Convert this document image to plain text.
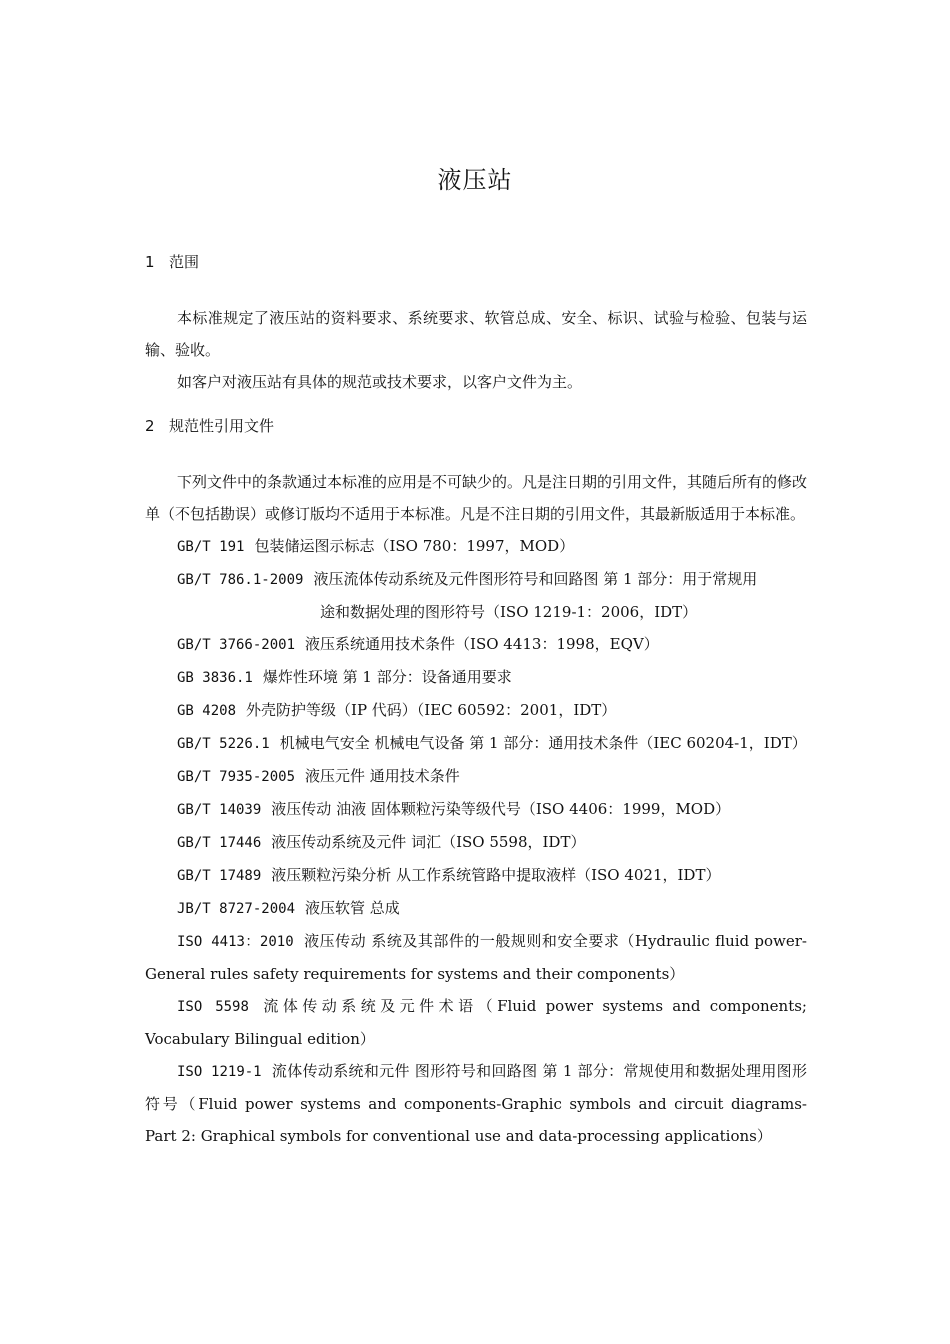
液压站
1 范围

本标准规定了液压站的资料要求、系统要求、软管总成、安全、标识、试验与检验、包装与运输、验收。

如客户对液压站有具体的规范或技术要求，以客户文件为主。

2 规范性引用文件

下列文件中的条款通过本标准的应用是不可缺少的。凡是注日期的引用文件，其随后所有的修改单（不包括勘误）或修订版均不适用于本标准。凡是不注日期的引用文件，其最新版适用于本标准。

GB/T 191 包装储运图示标志（ISO 780：1997，MOD）

GB/T 786.1-2009 液压流体传动系统及元件图形符号和回路图 第 1 部分：用于常规用

途和数据处理的图形符号（ISO 1219-1：2006，IDT）

GB/T 3766-2001 液压系统通用技术条件（ISO 4413：1998，EQV）

GB 3836.1 爆炸性环境 第 1 部分：设备通用要求

GB 4208 外壳防护等级（IP 代码）（IEC 60592：2001，IDT）

GB/T 5226.1 机械电气安全 机械电气设备 第 1 部分：通用技术条件（IEC 60204-1，IDT）

GB/T 7935-2005 液压元件 通用技术条件

GB/T 14039 液压传动 油液 固体颗粒污染等级代号（ISO 4406：1999，MOD）

GB/T 17446 液压传动系统及元件 词汇（ISO 5598，IDT）

GB/T 17489 液压颗粒污染分析 从工作系统管路中提取液样（ISO 4021，IDT）

JB/T 8727-2004 液压软管 总成

ISO 4413：2010 液压传动 系统及其部件的一般规则和安全要求（Hydraulic fluid power-General rules safety requirements for systems and their components）

ISO 5598 流体传动系统及元件术语（Fluid power systems and components; Vocabulary Bilingual edition）

ISO 1219-1 流体传动系统和元件 图形符号和回路图 第 1 部分：常规使用和数据处理用图形符号（Fluid power systems and components-Graphic symbols and circuit diagrams-Part 2: Graphical symbols for conventional use and data-processing applications）
